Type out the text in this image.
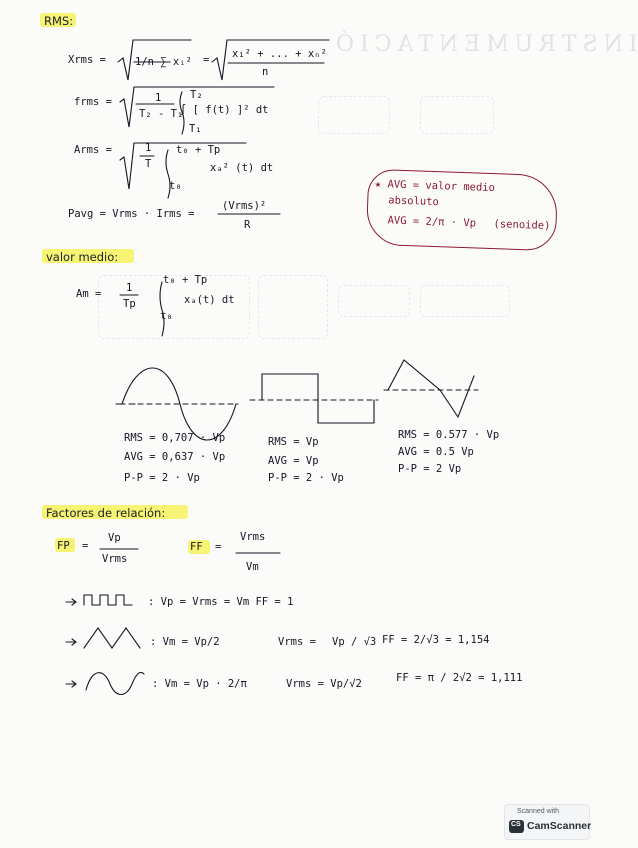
INSTRUMENTACIÓ
RMS:
valor medio:
Factores de relación:
Xrms =	1/n ∑ xᵢ² = x₁² + ... + xₙ²
n
frms =	1
T₂ - T₁
∫ [ f(t) ]² dt
T₁
T₂
Arms =	1
T	xₐ² (t) dt
t₀
t₀ + Tp
Pavg = Vrms · Irms =
(Vrms)²
R
★ AVG = valor medio
absoluto
AVG = 2/π · Vp (senoide)
Am = 1
Tp
t₀ + Tp
t₀
xₐ(t) dt
RMS = 0,707 · Vp
AVG = 0,637 · Vp
P-P = 2 · Vp
RMS = Vp
AVG = Vp
P-P = 2 · Vp
RMS = 0.577 · Vp
AVG = 0.5 Vp
P-P = 2 Vp
FP =
Vp
Vrms
FF =
Vrms
Vm
: Vp = Vrms = Vm FF = 1
: Vm = Vp/2	Vrms = Vp / √3 FF = 2/√3 = 1,154
: Vm = Vp · 2/π	Vrms = Vp/√2	FF = π / 2√2 = 1,111
Scanned with
CS CamScanner
